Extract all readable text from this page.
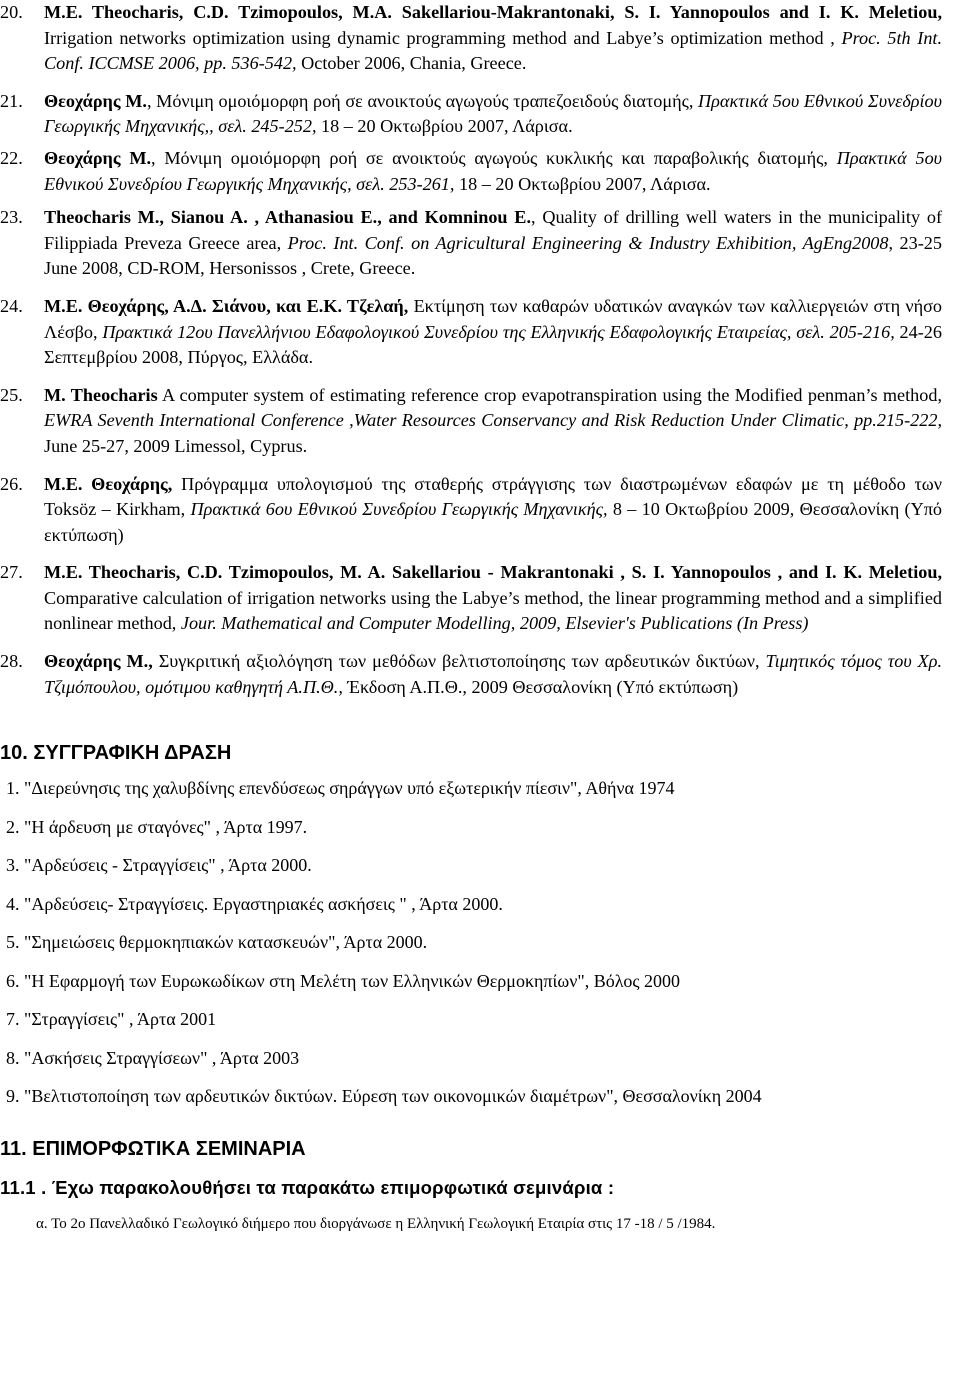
20. M.E. Theocharis, C.D. Tzimopoulos, M.A. Sakellariou-Makrantonaki, S. I. Yannopoulos and I. K. Meletiou, Irrigation networks optimization using dynamic programming method and Labye’s optimization method , Proc. 5th Int. Conf. ICCMSE 2006, pp. 536-542, October 2006, Chania, Greece.
21. Θεοχάρης Μ., Μόνιμη ομοιόμορφη ροή σε ανοικτούς αγωγούς τραπεζοειδούς διατομής, Πρακτικά 5ου Εθνικού Συνεδρίου Γεωργικής Μηχανικής,, σελ. 245-252, 18 – 20 Οκτωβρίου 2007, Λάρισα.
22. Θεοχάρης Μ., Μόνιμη ομοιόμορφη ροή σε ανοικτούς αγωγούς κυκλικής και παραβολικής διατομής, Πρακτικά 5ου Εθνικού Συνεδρίου Γεωργικής Μηχανικής, σελ. 253-261, 18 – 20 Οκτωβρίου 2007, Λάρισα.
23. Theocharis M., Sianou A. , Athanasiou E., and Komninou E., Quality of drilling well waters in the municipality of Filippiada Preveza Greece area, Proc. Int. Conf. on Agricultural Engineering & Industry Exhibition, AgEng2008, 23-25 June 2008, CD-ROM, Hersonissos , Crete, Greece.
24. Μ.Ε. Θεοχάρης, Α.Δ. Σιάνου, και Ε.Κ. Τζελαή, Εκτίμηση των καθαρών υδατικών αναγκών των καλλιεργειών στη νήσο Λέσβο, Πρακτικά 12ου Πανελλήνιου Εδαφολογικού Συνεδρίου της Ελληνικής Εδαφολογικής Εταιρείας, σελ. 205-216, 24-26 Σεπτεμβρίου 2008, Πύργος, Ελλάδα.
25. M. Theocharis A computer system of estimating reference crop evapotranspiration using the Modified penman’s method, EWRA Seventh International Conference ,Water Resources Conservancy and Risk Reduction Under Climatic, pp.215-222, June 25-27, 2009 Limessol, Cyprus.
26. Μ.Ε. Θεοχάρης, Πρόγραμμα υπολογισμού της σταθερής στράγγισης των διαστρωμένων εδαφών με τη μέθοδο των Toksöz – Kirkham, Πρακτικά 6ου Εθνικού Συνεδρίου Γεωργικής Μηχανικής, 8 – 10 Οκτωβρίου 2009, Θεσσαλονίκη (Υπό εκτύπωση)
27. M.E. Theocharis, C.D. Tzimopoulos, M. A. Sakellariou - Makrantonaki , S. I. Yannopoulos , and I. K. Meletiou, Comparative calculation of irrigation networks using the Labye’s method, the linear programming method and a simplified nonlinear method, Jour. Mathematical and Computer Modelling, 2009, Elsevier's Publications (In Press)
28. Θεοχάρης Μ., Συγκριτική αξιολόγηση των μεθόδων βελτιστοποίησης των αρδευτικών δικτύων, Τιμητικός τόμος του Χρ. Τζιμόπουλου, ομότιμου καθηγητή Α.Π.Θ., Έκδοση Α.Π.Θ., 2009 Θεσσαλονίκη (Υπό εκτύπωση)

10. ΣΥΓΓΡΑΦΙΚΗ ΔΡΑΣΗ

1. "Διερεύνησις της χαλυβδίνης επενδύσεως σηράγγων υπό εξωτερικήν πίεσιν", Αθήνα 1974

2. "Η άρδευση με σταγόνες" , Άρτα 1997.

3. "Αρδεύσεις - Στραγγίσεις" , Άρτα 2000.

4. "Αρδεύσεις- Στραγγίσεις. Εργαστηριακές ασκήσεις " , Άρτα 2000.

5. "Σημειώσεις θερμοκηπιακών κατασκευών", Άρτα 2000.

6. "Η Εφαρμογή των Ευρωκωδίκων στη Μελέτη των Ελληνικών Θερμοκηπίων", Βόλος 2000

7. "Στραγγίσεις" , Άρτα 2001

8. "Ασκήσεις Στραγγίσεων" , Άρτα 2003

9. "Βελτιστοποίηση των αρδευτικών δικτύων. Εύρεση των οικονομικών διαμέτρων", Θεσσαλονίκη 2004

11. ΕΠΙΜΟΡΦΩΤΙΚΑ ΣΕΜΙΝΑΡΙΑ

11.1 . Έχω παρακολουθήσει τα παρακάτω επιμορφωτικά σεμινάρια :

α. Το 2ο Πανελλαδικό Γεωλογικό διήμερο που διοργάνωσε η Ελληνική Γεωλογική Εταιρία στις 17 -18 / 5 /1984.
